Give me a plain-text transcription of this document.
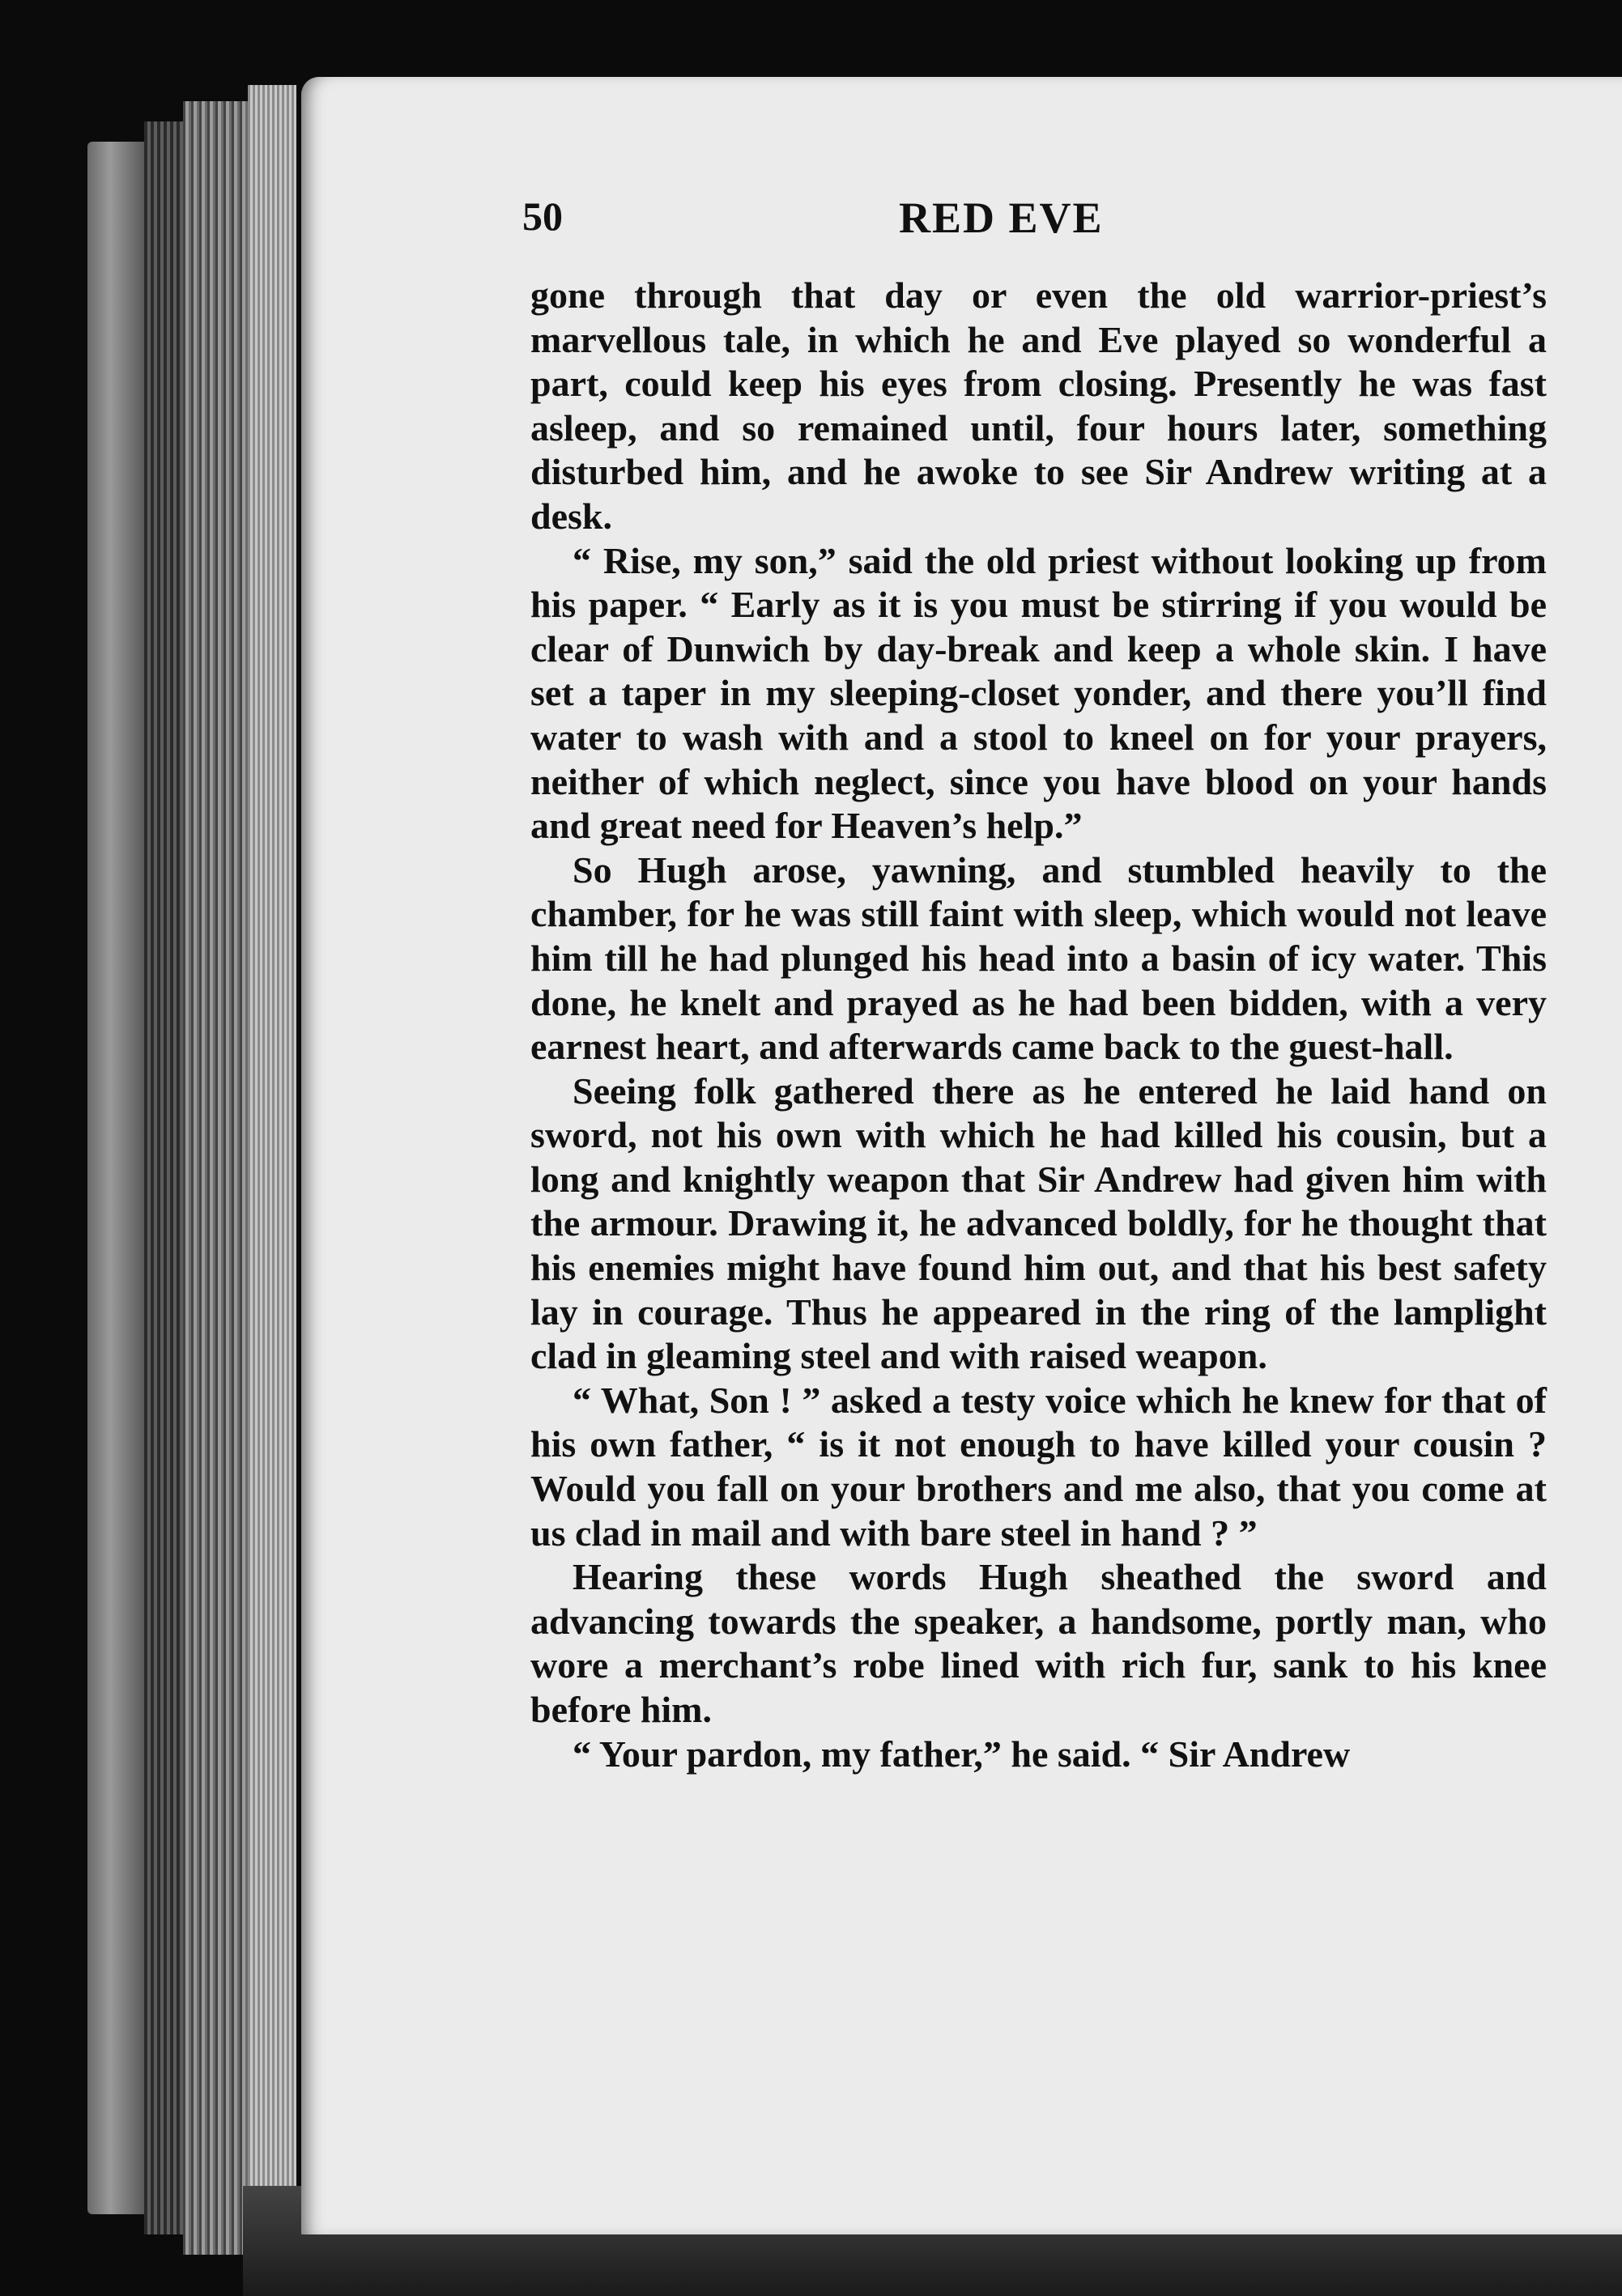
50	RED EVE

gone through that day or even the old warrior-priest’s marvellous tale, in which he and Eve played so wonderful a part, could keep his eyes from closing. Presently he was fast asleep, and so remained until, four hours later, something disturbed him, and he awoke to see Sir Andrew writing at a desk.

“ Rise, my son,” said the old priest without looking up from his paper. “ Early as it is you must be stirring if you would be clear of Dunwich by day-break and keep a whole skin. I have set a taper in my sleeping-closet yonder, and there you’ll find water to wash with and a stool to kneel on for your prayers, neither of which neglect, since you have blood on your hands and great need for Heaven’s help.”

So Hugh arose, yawning, and stumbled heavily to the chamber, for he was still faint with sleep, which would not leave him till he had plunged his head into a basin of icy water. This done, he knelt and prayed as he had been bidden, with a very earnest heart, and afterwards came back to the guest-hall.

Seeing folk gathered there as he entered he laid hand on sword, not his own with which he had killed his cousin, but a long and knightly weapon that Sir Andrew had given him with the armour. Drawing it, he advanced boldly, for he thought that his enemies might have found him out, and that his best safety lay in courage. Thus he appeared in the ring of the lamplight clad in gleaming steel and with raised weapon.

“ What, Son ! ” asked a testy voice which he knew for that of his own father, “ is it not enough to have killed your cousin ? Would you fall on your brothers and me also, that you come at us clad in mail and with bare steel in hand ? ”

Hearing these words Hugh sheathed the sword and advancing towards the speaker, a handsome, portly man, who wore a merchant’s robe lined with rich fur, sank to his knee before him.

“ Your pardon, my father,” he said. “ Sir Andrew
